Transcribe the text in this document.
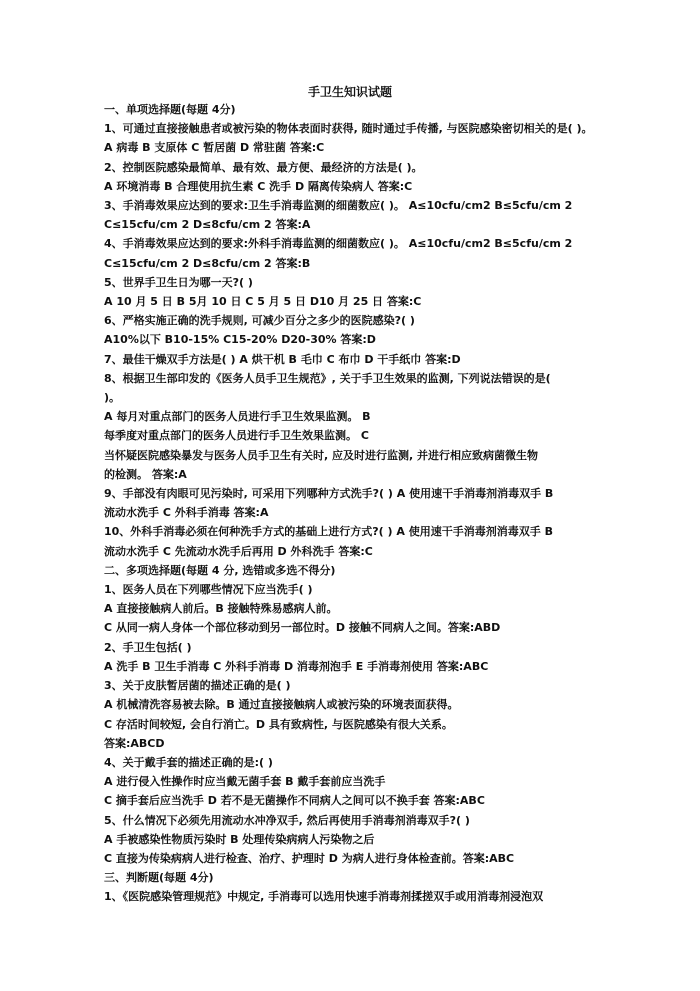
手卫生知识试题
一、单项选择题(每题 4分)
1、可通过直接接触患者或被污染的物体表面时获得, 随时通过手传播, 与医院感染密切相关的是( )。
A 病毒 B 支原体 C 暂居菌 D 常驻菌 答案:C
2、控制医院感染最简单、最有效、最方便、最经济的方法是( )。
A 环境消毒 B 合理使用抗生素 C 洗手 D 隔离传染病人 答案:C
3、手消毒效果应达到的要求:卫生手消毒监测的细菌数应( )。 A≤10cfu/cm2 B≤5cfu/cm 2
C≤15cfu/cm 2 D≤8cfu/cm 2 答案:A
4、手消毒效果应达到的要求:外科手消毒监测的细菌数应( )。 A≤10cfu/cm2 B≤5cfu/cm 2
C≤15cfu/cm 2 D≤8cfu/cm 2 答案:B
5、世界手卫生日为哪一天?( )
A 10 月 5 日 B 5月 10 日 C 5 月 5 日 D10 月 25 日 答案:C
6、严格实施正确的洗手规则, 可减少百分之多少的医院感染?( )
A10%以下 B10-15% C15-20% D20-30% 答案:D
7、最佳干燥双手方法是( ) A 烘干机 B 毛巾 C 布巾 D 干手纸巾 答案:D
8、根据卫生部印发的《医务人员手卫生规范》, 关于手卫生效果的监测, 下列说法错误的是(
)。
A 每月对重点部门的医务人员进行手卫生效果监测。 B
每季度对重点部门的医务人员进行手卫生效果监测。 C
当怀疑医院感染暴发与医务人员手卫生有关时, 应及时进行监测, 并进行相应致病菌微生物
的检测。 答案:A
9、手部没有肉眼可见污染时, 可采用下列哪种方式洗手?( ) A 使用速干手消毒剂消毒双手 B
流动水洗手 C 外科手消毒 答案:A
10、外科手消毒必须在何种洗手方式的基础上进行方式?( ) A 使用速干手消毒剂消毒双手 B
流动水洗手 C 先流动水洗手后再用 D 外科洗手 答案:C
二、多项选择题(每题 4 分, 选错或多选不得分)
1、医务人员在下列哪些情况下应当洗手( )
A 直接接触病人前后。B 接触特殊易感病人前。
C 从同一病人身体一个部位移动到另一部位时。D 接触不同病人之间。答案:ABD
2、手卫生包括( )
A 洗手 B 卫生手消毒 C 外科手消毒 D 消毒剂泡手 E 手消毒剂使用 答案:ABC
3、关于皮肤暂居菌的描述正确的是( )
A 机械清洗容易被去除。B 通过直接接触病人或被污染的环境表面获得。
C 存活时间较短, 会自行消亡。D 具有致病性, 与医院感染有很大关系。
答案:ABCD
4、关于戴手套的描述正确的是:( )
A 进行侵入性操作时应当戴无菌手套 B 戴手套前应当洗手
C 摘手套后应当洗手 D 若不是无菌操作不同病人之间可以不换手套 答案:ABC
5、什么情况下必须先用流动水冲净双手, 然后再使用手消毒剂消毒双手?( )
A 手被感染性物质污染时 B 处理传染病病人污染物之后
C 直接为传染病病人进行检查、治疗、护理时 D 为病人进行身体检查前。答案:ABC
三、判断题(每题 4分)
1、《医院感染管理规范》中规定, 手消毒可以选用快速手消毒剂揉搓双手或用消毒剂浸泡双
